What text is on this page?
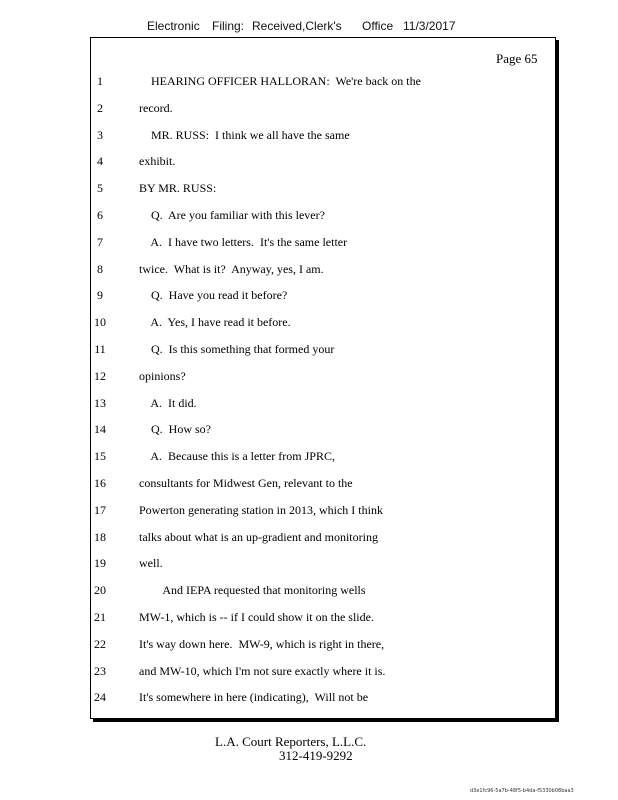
Electronic Filing: Received,Clerk's Office 11/3/2017
Page 65
1	HEARING OFFICER HALLORAN:  We're back on the
2	record.
3	MR. RUSS:  I think we all have the same
4	exhibit.
5	BY MR. RUSS:
6	Q.  Are you familiar with this lever?
7	A.  I have two letters.  It's the same letter
8	twice.  What is it?  Anyway, yes, I am.
9	Q.  Have you read it before?
10	A.  Yes, I have read it before.
11	Q.  Is this something that formed your
12	opinions?
13	A.  It did.
14	Q.  How so?
15	A.  Because this is a letter from JPRC,
16	consultants for Midwest Gen, relevant to the
17	Powerton generating station in 2013, which I think
18	talks about what is an up-gradient and monitoring
19	well.
20	And IEPA requested that monitoring wells
21	MW-1, which is -- if I could show it on the slide.
22	It's way down here.  MW-9, which is right in there,
23	and MW-10, which I'm not sure exactly where it is.
24	It's somewhere in here (indicating),  Will not be
L.A. Court Reporters, L.L.C.
312-419-9292
d3e1fc96-5a7b-48f5-b4da-f5330b08baa3
